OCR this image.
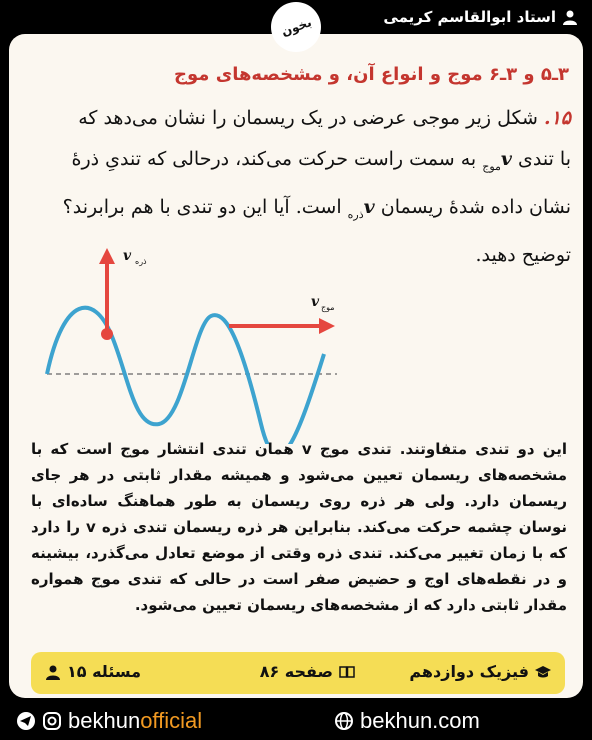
استاد ابوالقاسم کریمی
بخون
۳ـ۵ و ۳ـ۶ موج و انواع آن، و مشخصه‌های موج
۱۵. شکل زیر موجی عرضی در یک ریسمان را نشان می‌دهد که
با تندی $v_{موج}$ به سمت راست حرکت می‌کند، درحالی که تندیِ ذرهٔ
نشان داده شدهٔ ریسمان $v_{ذره}$ است. آیا این دو تندی با هم برابرند؟
توضیح دهید.
v ذره
v موج
این دو تندی متفاوتند. تندی موج v همان تندی انتشار موج است که با مشخصه‌های ریسمان تعیین می‌شود و همیشه مقدار ثابتی در هر جای ریسمان دارد. ولی هر ذره روی ریسمان به طور هماهنگ ساده‌ای با نوسان چشمه حرکت می‌کند. بنابراین هر ذره ریسمان تندی ذره v را دارد که با زمان تغییر می‌کند. تندی ذره وقتی از موضع تعادل می‌گذرد، بیشینه و در نقطه‌های اوج و حضیض صفر است در حالی که تندی موج همواره مقدار ثابتی دارد که از مشخصه‌های ریسمان تعیین می‌شود.
فیزیک دوازدهم
صفحه ۸۶
مسئله ۱۵
bekhunofficial	bekhun.com
